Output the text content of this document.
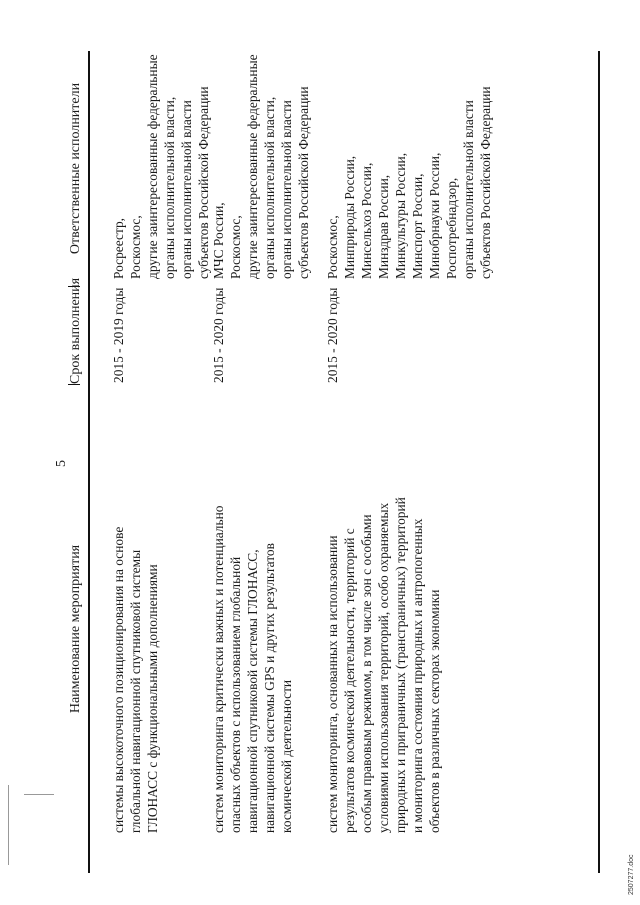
5
Наименование мероприятия
Срок выполнения
Ответственные исполнители
системы высокоточного позиционирования на основе глобальной навигационной спутниковой системы ГЛОНАСС с функциональными дополнениями
2015 - 2019 годы
Росреестр, Роскосмос, другие заинтересованные федеральные органы исполнительной власти, органы исполнительной власти субъектов Российской Федерации
систем мониторинга критически важных и потенциально опасных объектов с использованием глобальной навигационной спутниковой системы ГЛОНАСС, навигационной системы GPS и других результатов космической деятельности
2015 - 2020 годы
МЧС России, Роскосмос, другие заинтересованные федеральные органы исполнительной власти, органы исполнительной власти субъектов Российской Федерации
систем мониторинга, основанных на использовании результатов космической деятельности, территорий с особым правовым режимом, в том числе зон с особыми условиями использования территорий, особо охраняемых природных и приграничных (трансграничных) территорий и мониторинга состояния природных и антропогенных объектов в различных секторах экономики
2015 - 2020 годы
Роскосмос, Минприроды России, Минсельхоз России, Минздрав России, Минкультуры России, Минспорт России, Минобрнауки России, Роспотребнадзор, органы исполнительной власти субъектов Российской Федерации
2507277.doc
